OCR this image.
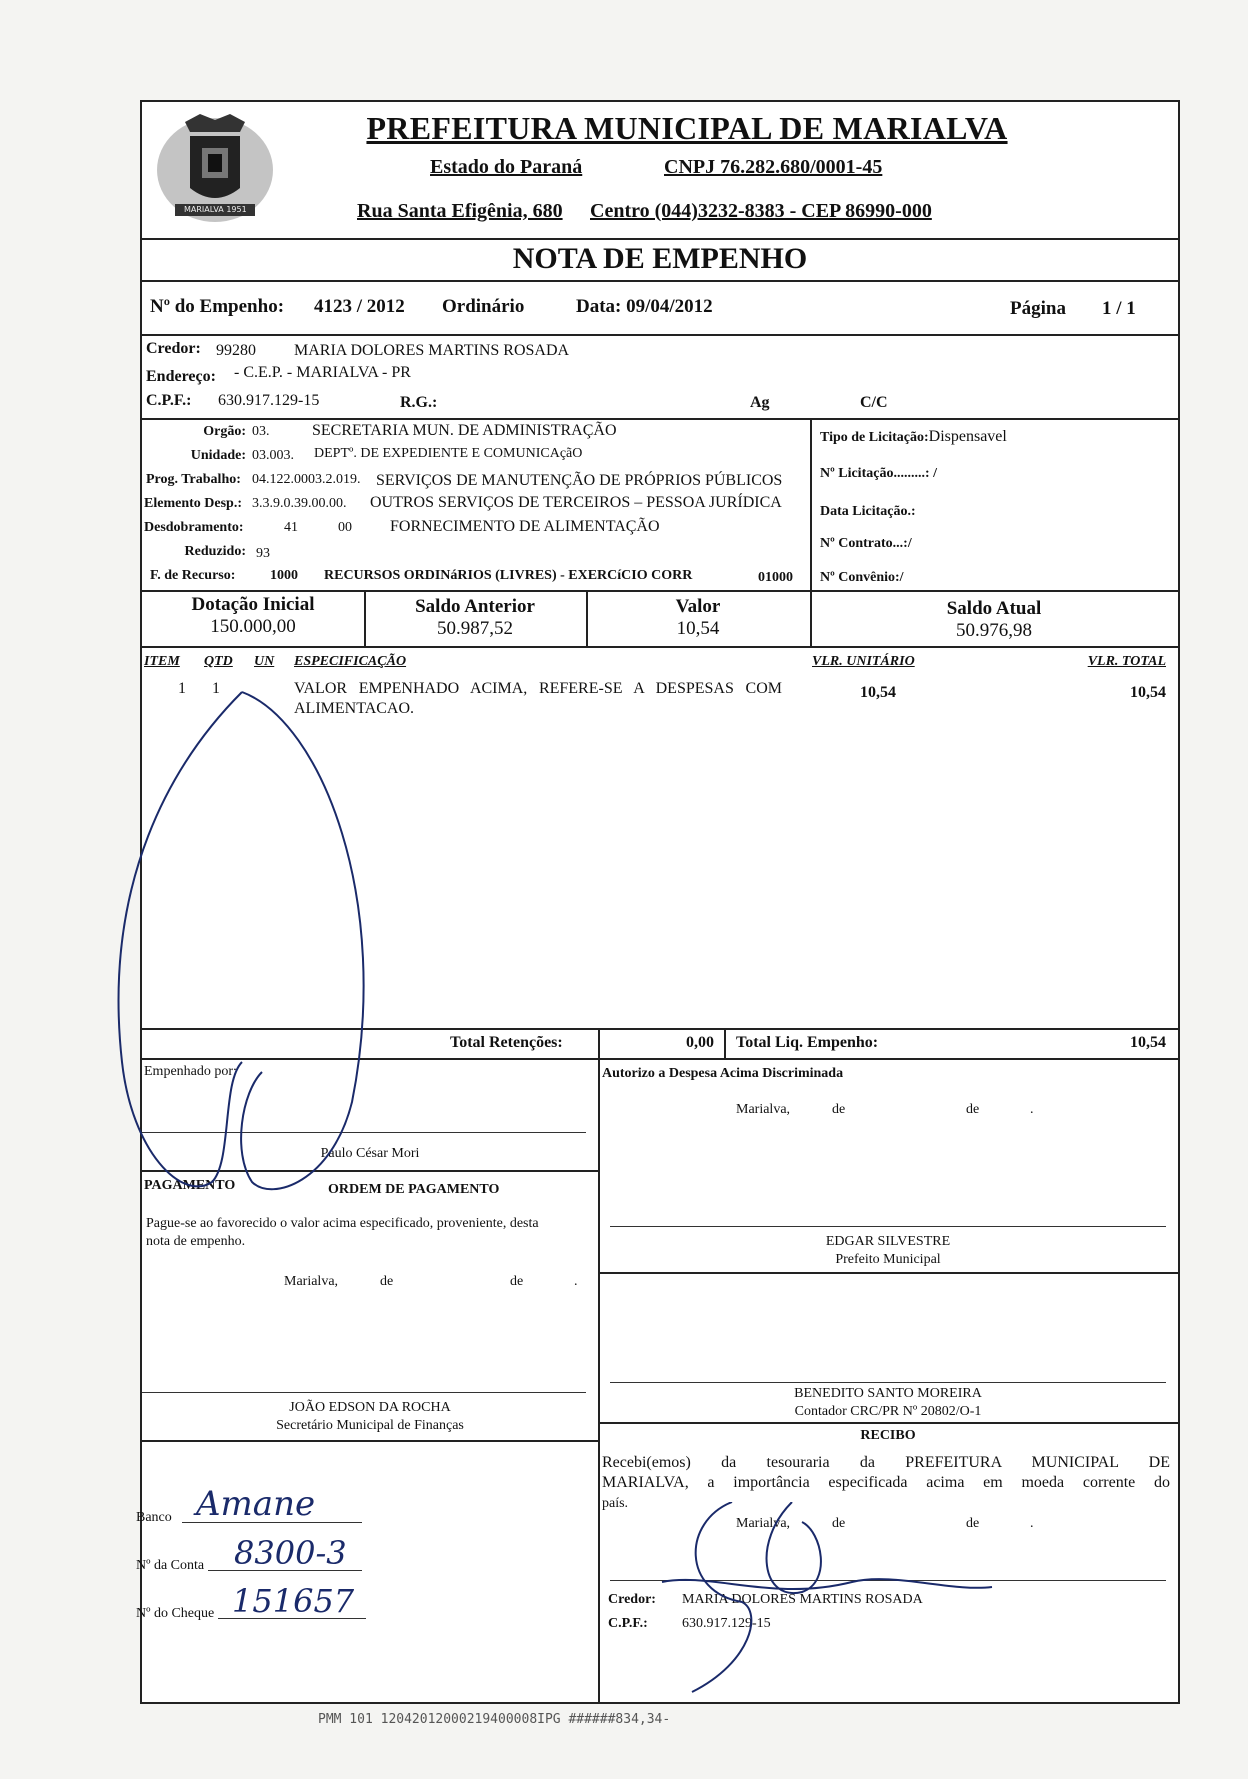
MARIALVA 1951
PREFEITURA MUNICIPAL DE MARIALVA
Estado do Paraná	CNPJ 76.282.680/0001-45
Rua Santa Efigênia, 680 Centro (044)3232-8383 - CEP 86990-000
NOTA DE EMPENHO
Nº do Empenho: 4123 / 2012 Ordinário	Data: 09/04/2012	Página 1 / 1
Credor: 99280 MARIA DOLORES MARTINS ROSADA
Endereço: - C.E.P. - MARIALVA - PR
C.P.F.: 630.917.129-15	R.G.:	Ag	C/C
Orgão: 03.	SECRETARIA MUN. DE ADMINISTRAÇÃO
Unidade: 03.003. DEPTº. DE EXPEDIENTE E COMUNICAçãO
Prog. Trabalho: 04.122.0003.2.019. SERVIÇOS DE MANUTENÇÃO DE PRÓPRIOS PÚBLICOS
Elemento Desp.: 3.3.9.0.39.00.00. OUTROS SERVIÇOS DE TERCEIROS – PESSOA JURÍDICA
Desdobramento:	41	00 FORNECIMENTO DE ALIMENTAÇÃO
Reduzido: 93
F. de Recurso: 1000 RECURSOS ORDINáRIOS (LIVRES) - EXERCíCIO CORR	01000
Tipo de Licitação:Dispensavel
Nº Licitação.........: /
Data Licitação.:
Nº Contrato...:/
Nº Convênio:/
Dotação Inicial
150.000,00
Saldo Anterior
50.987,52
Valor
10,54
Saldo Atual
50.976,98
ITEM QTD UN ESPECIFICAÇÃO	VLR. UNITÁRIO	VLR. TOTAL
1 1	VALOR EMPENHADO ACIMA, REFERE-SE A DESPESAS COM
ALIMENTACAO.
10,54	10,54
Total Retenções:	0,00 Total Liq. Empenho:	10,54
Empenhado por:
Paulo César Mori
Autorizo a Despesa Acima Discriminada
Marialva,	de	de	.
EDGAR SILVESTRE
Prefeito Municipal
PAGAMENTO	ORDEM DE PAGAMENTO
Pague-se ao favorecido o valor acima especificado, proveniente, desta
nota de empenho.
Marialva,	de	de	.
JOÃO EDSON DA ROCHA
Secretário Municipal de Finanças
BENEDITO SANTO MOREIRA
Contador CRC/PR Nº 20802/O-1
RECIBO
Recebi(emos) da tesouraria da PREFEITURA MUNICIPAL DE
MARIALVA, a importância especificada acima em moeda corrente do
país.
Marialva,	de	de	.
Credor: MARIA DOLORES MARTINS ROSADA
C.P.F.: 630.917.129-15
Banco Amane
Nº da Conta 8300-3
Nº do Cheque 151657
PMM 101 12042012000219400008IPG ######834,34-
